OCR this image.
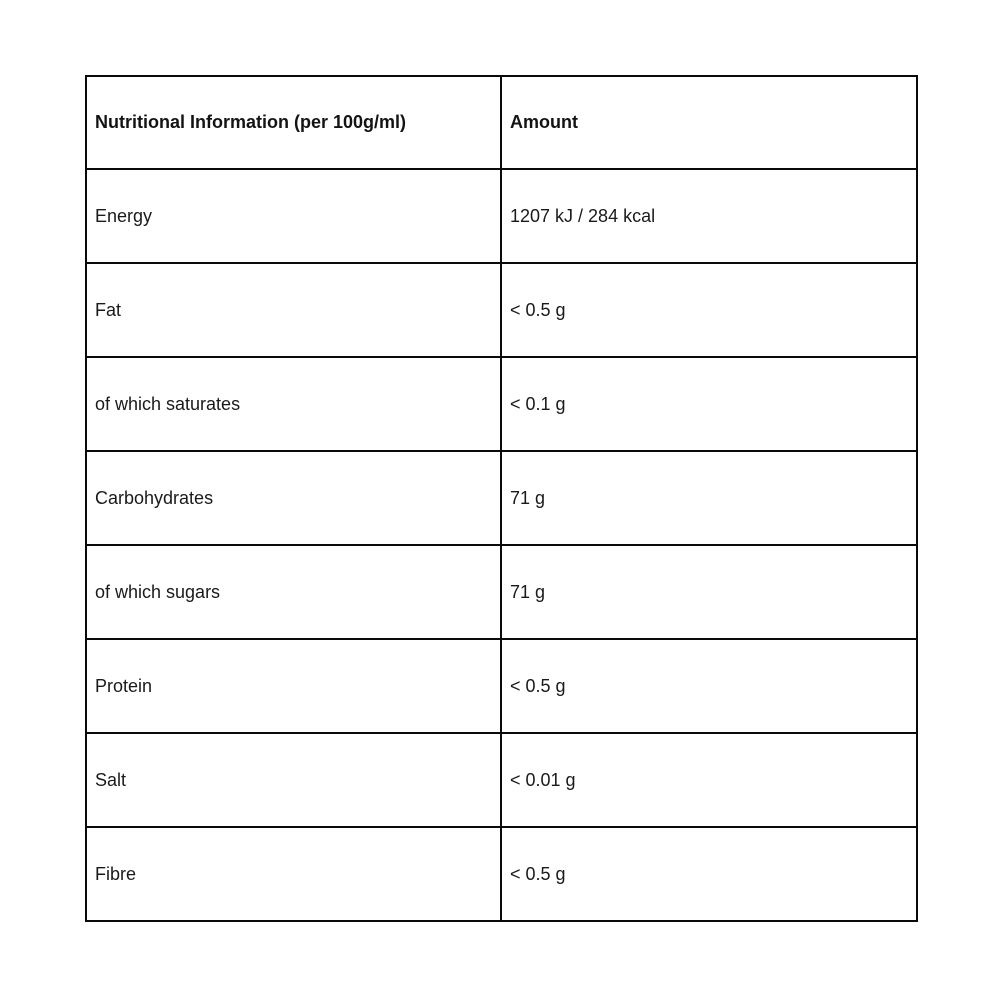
Nutritional Information (per 100g/ml)	Amount
Energy	1207 kJ / 284 kcal
Fat	< 0.5 g
of which saturates	< 0.1 g
Carbohydrates	71 g
of which sugars	71 g
Protein	< 0.5 g
Salt	< 0.01 g
Fibre	< 0.5 g
